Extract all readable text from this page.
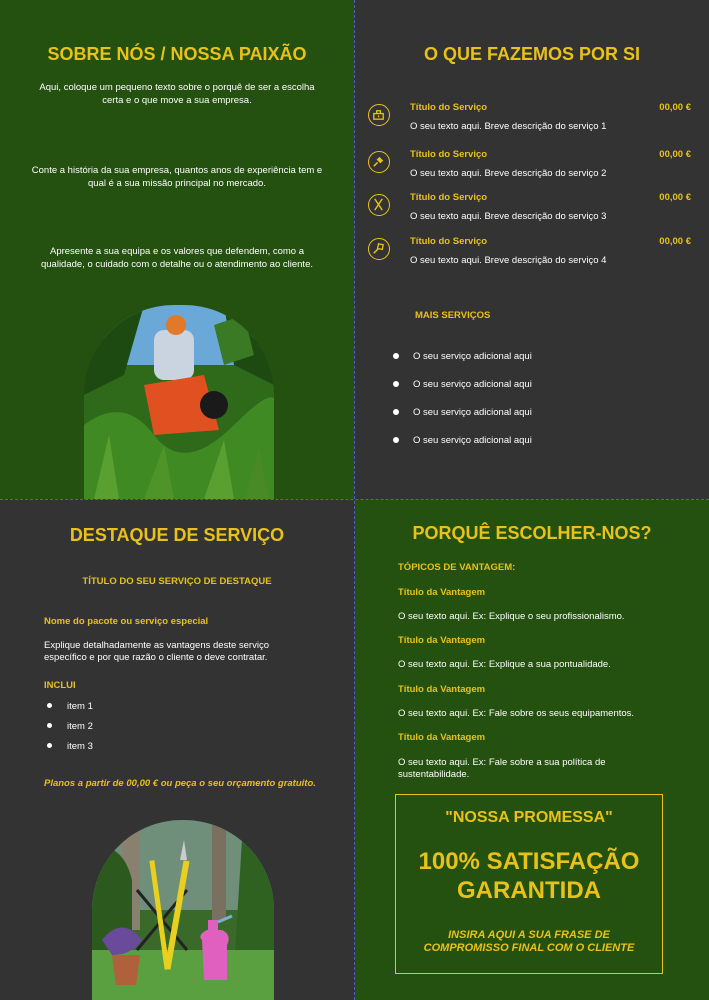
SOBRE NÓS / NOSSA PAIXÃO
Aqui, coloque um pequeno texto sobre o porquê de ser a escolha certa e o que move a sua empresa.
Conte a história da sua empresa, quantos anos de experiência tem e qual é a sua missão principal no mercado.
Apresente a sua equipa e os valores que defendem, como a qualidade, o cuidado com o detalhe ou o atendimento ao cliente.
O QUE FAZEMOS POR SI
Título do Serviço	00,00 €
O seu texto aqui. Breve descrição do serviço 1
Título do Serviço	00,00 €
O seu texto aqui. Breve descrição do serviço 2
Título do Serviço	00,00 €
O seu texto aqui. Breve descrição do serviço 3
Título do Serviço	00,00 €
O seu texto aqui. Breve descrição do serviço 4
MAIS SERVIÇOS
O seu serviço adicional aqui
O seu serviço adicional aqui
O seu serviço adicional aqui
O seu serviço adicional aqui
DESTAQUE DE SERVIÇO
TÍTULO DO SEU SERVIÇO DE DESTAQUE
Nome do pacote ou serviço especial
Explique detalhadamente as vantagens deste serviço específico e por que razão o cliente o deve contratar.
INCLUI
item 1
item 2
item 3
Planos a partir de 00,00 € ou peça o seu orçamento gratuito.
PORQUÊ ESCOLHER-NOS?
TÓPICOS DE VANTAGEM:
Título da Vantagem
O seu texto aqui. Ex: Explique o seu profissionalismo.
Título da Vantagem
O seu texto aqui. Ex: Explique a sua pontualidade.
Título da Vantagem
O seu texto aqui. Ex: Fale sobre os seus equipamentos.
Título da Vantagem
O seu texto aqui. Ex: Fale sobre a sua política de sustentabilidade.
"NOSSA PROMESSA"
100% SATISFAÇÃO GARANTIDA
INSIRA AQUI A SUA FRASE DE COMPROMISSO FINAL COM O CLIENTE
